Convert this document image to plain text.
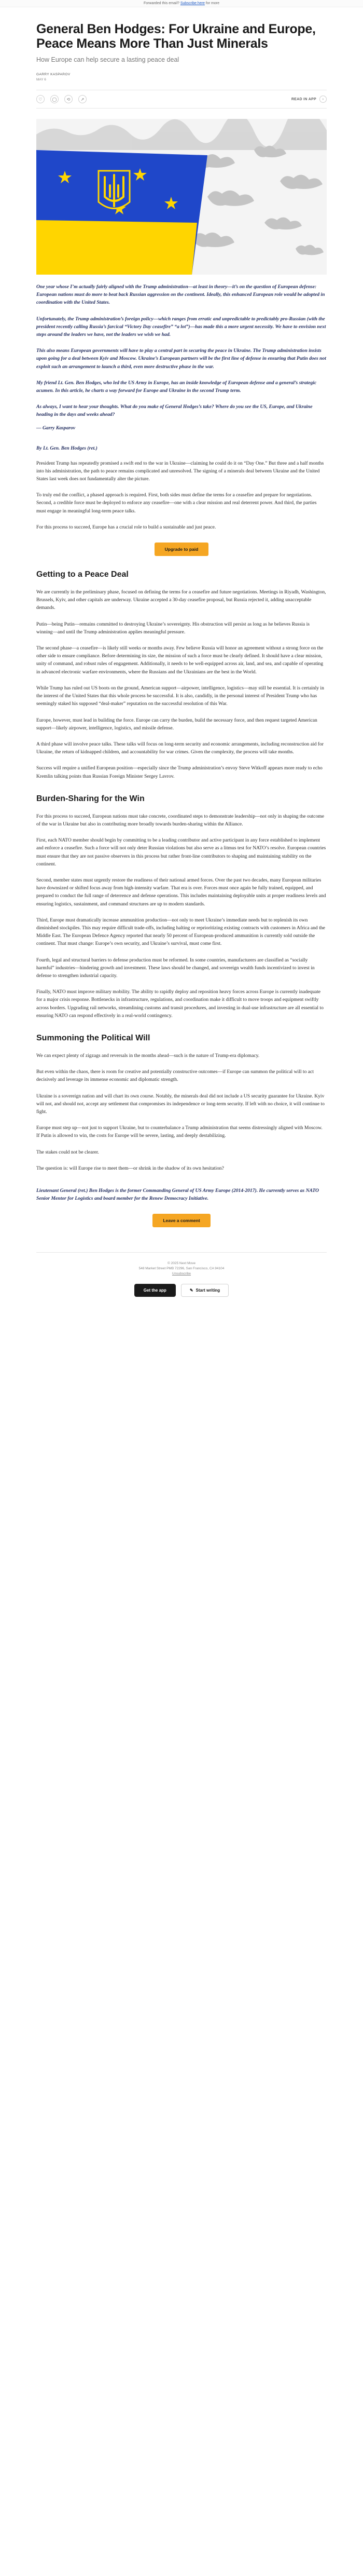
Forwarded this email? Subscribe here for more
General Ben Hodges: For Ukraine and Europe, Peace Means More Than Just Minerals
How Europe can help secure a lasting peace deal
GARRY KASPAROV
MAY 6
♡	◯	⟲	↗	READ IN APP	›

One year whose I’m actually fairly aligned with the Trump administration—at least in theory—it’s on the question of European defense: European nations must do more to beat back Russian aggression on the continent. Ideally, this enhanced European role would be adopted in coordination with the United States.

Unfortunately, the Trump administration’s foreign policy—which ranges from erratic and unpredictable to predictably pro-Russian (with the president recently calling Russia’s farcical “Victory Day ceasefire” “a lot”)—has made this a more urgent necessity. We have to envision next steps around the leaders we have, not the leaders we wish we had.

This also means European governments will have to play a central part in securing the peace in Ukraine. The Trump administration insists upon going for a deal between Kyiv and Moscow. Ukraine’s European partners will be the first line of defense in ensuring that Putin does not exploit such an arrangement to launch a third, even more destructive phase in the war.

My friend Lt. Gen. Ben Hodges, who led the US Army in Europe, has an inside knowledge of European defense and a general’s strategic acumen. In this article, he charts a way forward for Europe and Ukraine in the second Trump term.

As always, I want to hear your thoughts. What do you make of General Hodges’s take? Where do you see the US, Europe, and Ukraine heading in the days and weeks ahead?

— Garry Kasparov

By Lt. Gen. Ben Hodges (ret.)

President Trump has repeatedly promised a swift end to the war in Ukraine—claiming he could do it on “Day One.” But three and a half months into his administration, the path to peace remains complicated and unresolved. The signing of a minerals deal between Ukraine and the United States last week does not fundamentally alter the picture.

To truly end the conflict, a phased approach is required. First, both sides must define the terms for a ceasefire and prepare for negotiations. Second, a credible force must be deployed to enforce any ceasefire—one with a clear mission and real deterrent power. And third, the parties must engage in meaningful long-term peace talks.

For this process to succeed, Europe has a crucial role to build a sustainable and just peace.

Upgrade to paid
Getting to a Peace Deal

We are currently in the preliminary phase, focused on defining the terms for a ceasefire and future negotiations. Meetings in Riyadh, Washington, Brussels, Kyiv, and other capitals are underway. Ukraine accepted a 30-day ceasefire proposal, but Russia rejected it, adding unacceptable demands.

Putin—being Putin—remains committed to destroying Ukraine’s sovereignty. His obstruction will persist as long as he believes Russia is winning—and until the Trump administration applies meaningful pressure.

The second phase—a ceasefire—is likely still weeks or months away. Few believe Russia will honor an agreement without a strong force on the other side to ensure compliance. Before determining its size, the mission of such a force must be clearly defined. It should have a clear mission, unity of command, and robust rules of engagement. Additionally, it needs to be well-equipped across air, land, and sea, and capable of operating in advanced electronic warfare environments, where the Russians and the Ukrainians are the best in the World.

While Trump has ruled out US boots on the ground, American support—airpower, intelligence, logistics—may still be essential. It is certainly in the interest of the United States that this whole process be successful. It is also, candidly, in the personal interest of President Trump who has seemingly staked his supposed “deal-maker” reputation on the successful resolution of this War.

Europe, however, must lead in building the force. Europe can carry the burden, build the necessary force, and then request targeted American support—likely airpower, intelligence, logistics, and missile defense.

A third phase will involve peace talks. These talks will focus on long-term security and economic arrangements, including reconstruction aid for Ukraine, the return of kidnapped children, and accountability for war crimes. Given the complexity, the process will take months.

Success will require a unified European position—especially since the Trump administration’s envoy Steve Witkoff appears more ready to echo Kremlin talking points than Russian Foreign Minister Sergey Lavrov.

Burden-Sharing for the Win

For this process to succeed, European nations must take concrete, coordinated steps to demonstrate leadership—not only in shaping the outcome of the war in Ukraine but also in contributing more broadly towards burden-sharing within the Alliance.

First, each NATO member should begin by committing to be a leading contributor and active participant in any force established to implement and enforce a ceasefire. Such a force will not only deter Russian violations but also serve as a litmus test for NATO’s resolve. European countries must ensure that they are not passive observers in this process but rather front-line contributors to shaping and maintaining stability on the continent.

Second, member states must urgently restore the readiness of their national armed forces. Over the past two decades, many European militaries have downsized or shifted focus away from high-intensity warfare. That era is over. Forces must once again be fully trained, equipped, and prepared to conduct the full range of deterrence and defense operations. This includes maintaining deployable units at proper readiness levels and ensuring logistics, sustainment, and command structures are up to modern standards.

Third, Europe must dramatically increase ammunition production—not only to meet Ukraine’s immediate needs but to replenish its own diminished stockpiles. This may require difficult trade-offs, including halting or reprioritizing existing contracts with customers in Africa and the Middle East. The European Defence Agency reported that nearly 50 percent of European-produced ammunition is currently sold outside the continent. That must change: Europe’s own security, and Ukraine’s survival, must come first.

Fourth, legal and structural barriers to defense production must be reformed. In some countries, manufacturers are classified as “socially harmful” industries—hindering growth and investment. These laws should be changed, and sovereign wealth funds incentivized to invest in defense to strengthen industrial capacity.

Finally, NATO must improve military mobility. The ability to rapidly deploy and reposition heavy forces across Europe is currently inadequate for a major crisis response. Bottlenecks in infrastructure, regulations, and coordination make it difficult to move troops and equipment swiftly across borders. Upgrading rail networks, streamlining customs and transit procedures, and investing in dual-use infrastructure are all essential to ensuring NATO can respond effectively in a real-world contingency.

Summoning the Political Will

We can expect plenty of zigzags and reversals in the months ahead—such is the nature of Trump-era diplomacy.

But even within the chaos, there is room for creative and potentially constructive outcomes—if Europe can summon the political will to act decisively and leverage its immense economic and diplomatic strength.

Ukraine is a sovereign nation and will chart its own course. Notably, the minerals deal did not include a US security guarantee for Ukraine. Kyiv will not, and should not, accept any settlement that compromises its independence or long-term security. If left with no choice, it will continue to fight.

Europe must step up—not just to support Ukraine, but to counterbalance a Trump administration that seems distressingly aligned with Moscow. If Putin is allowed to win, the costs for Europe will be severe, lasting, and deeply destabilizing.

The stakes could not be clearer.

The question is: will Europe rise to meet them—or shrink in the shadow of its own hesitation?

Lieutenant General (ret.) Ben Hodges is the former Commanding General of US Army Europe (2014-2017). He currently serves as NATO Senior Mentor for Logistics and board member for the Renew Democracy Initiative.

Leave a comment
© 2025 Next Move
548 Market Street PMB 72296, San Francisco, CA 94104
Unsubscribe
Get the app	✎ Start writing
